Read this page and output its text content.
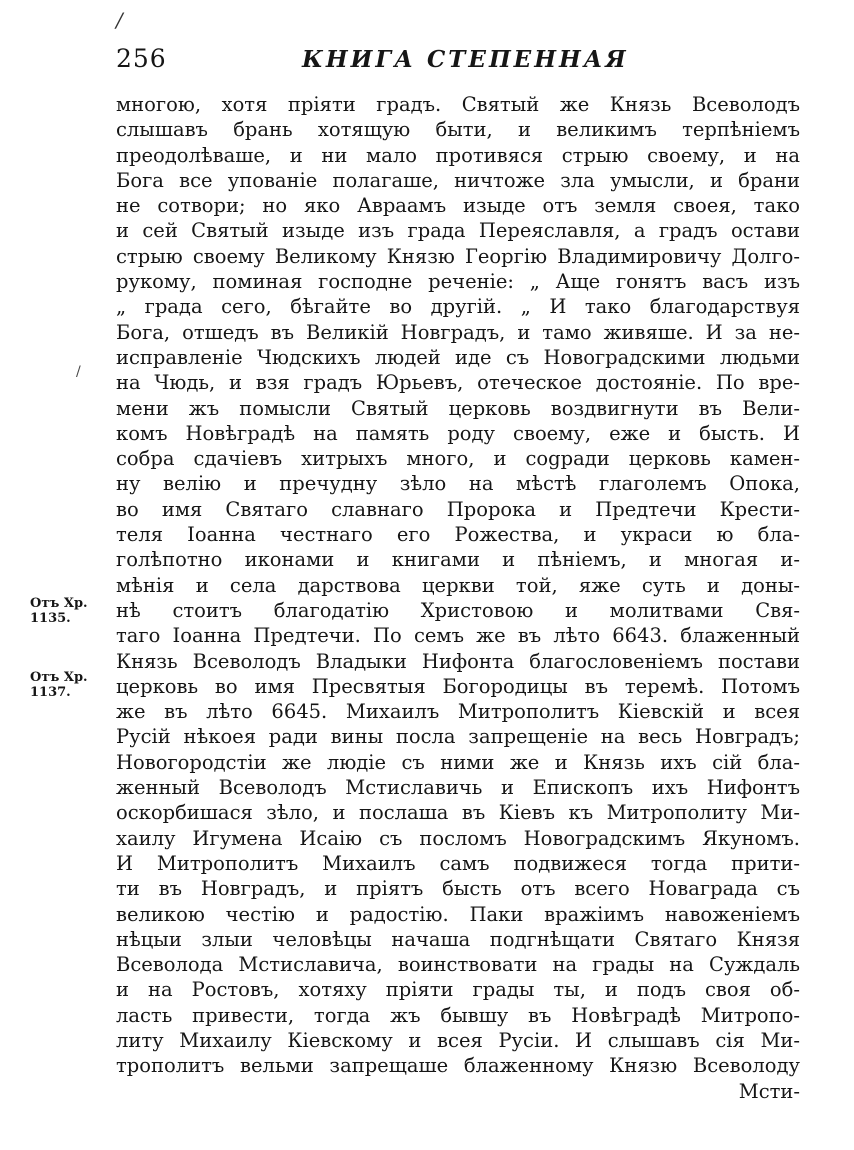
/
256	КНИГА СТЕПЕННАЯ
/
Отъ Хр.
1135.
Отъ Хр.
1137.
многою, хотя пріяти градъ. Святый же Князь Всеволодъ
слышавъ брань хотящую быти, и великимъ терпѣніемъ
преодолѣваше, и ни мало противяся стрыю своему, и на
Бога все упованіе полагаше, ничтоже зла умысли, и брани
не сотвори; но яко Авраамъ изыде отъ земля своея, тако
и сей Святый изыде изъ града Переяславля, а градъ остави
стрыю своему Великому Князю Георгію Владимировичу Долго-
рукому, поминая господне реченіе: „ Аще гонятъ васъ изъ
„ града сего, бѣгайте во другій. „ И тако благодарствуя
Бога, отшедъ въ Великій Новградъ, и тамо живяше. И за не-
исправленіе Чюдскихъ людей иде съ Новоградскими людьми
на Чюдь, и взя градъ Юрьевъ, отеческое достояніе. По вре-
мени жъ помысли Святый церковь воздвигнути въ Вели-
комъ Новѣградѣ на память роду своему, еже и бысть. И
собра сдачіевъ хитрыхъ много, и соgради церковь камен-
ну велію и пречудну зѣло на мѣстѣ глаголемъ Опока,
во имя Святаго славнаго Пророка и Предтечи Крести-
теля Іоанна честнаго его Рожества, и украси ю бла-
голѣпотно иконами и книгами и пѣніемъ, и многая и-
мѣнія и села дарствова церкви той, яже суть и доны-
нѣ стоитъ благодатію Христовою и молитвами Свя-
таго Іоанна Предтечи. По семъ же въ лѣто 6643. блаженный
Князь Всеволодъ Владыки Нифонта благословеніемъ постави
церковь во имя Пресвятыя Богородицы въ теремѣ. Потомъ
же въ лѣто 6645. Михаилъ Митрополитъ Кіевскій и всея
Русій нѣкоея ради вины посла запрещеніе на весь Новградъ;
Новогородстіи же людіе съ ними же и Князь ихъ сій бла-
женный Всеволодъ Мстиславичь и Епископъ ихъ Нифонтъ
оскорбишася зѣло, и послаша въ Кіевъ къ Митрополиту Ми-
хаилу Игумена Исаію съ посломъ Новоградскимъ Якуномъ.
И Митрополитъ Михаилъ самъ подвижеся тогда прити-
ти въ Новградъ, и пріятъ бысть отъ всего Новаграда съ
великою честію и радостію. Паки вражіимъ навоженіемъ
нѣцыи злыи человѣцы начаша подгнѣщати Святаго Князя
Всеволода Мстиславича, воинствовати на грады на Суждаль
и на Ростовъ, хотяху пріяти грады ты, и подъ своя об-
ласть привести, тогда жъ бывшу въ Новѣградѣ Митропо-
литу Михаилу Кіевскому и всея Русіи. И слышавъ сія Ми-
трополитъ вельми запрещаше блаженному Князю Всеволоду
Мсти-
